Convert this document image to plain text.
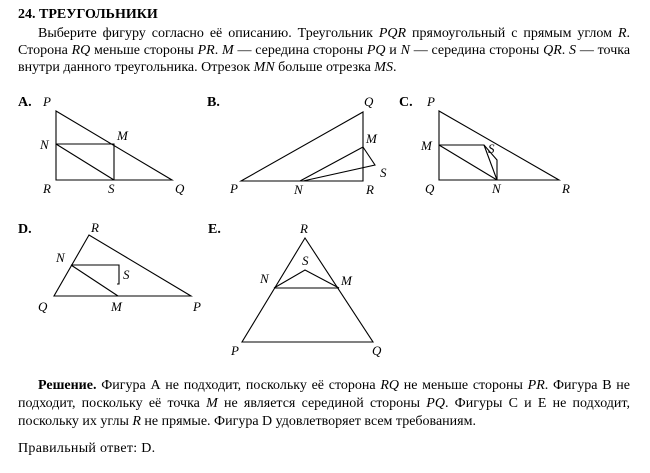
24. ТРЕУГОЛЬНИКИ
Выберите фигуру согласно её описанию. Треугольник PQR прямоугольный с прямым углом R. Сторона RQ меньше стороны PR. M — середина стороны PQ и N — середина стороны QR. S — точка внутри данного треугольника. Отрезок MN больше отрезка MS.
A. P
N
M
R	S	Q
B.	Q
M
S
P	N	R
C. P
M	S
Q	N	R
D.	R
N
S
Q	M	P
E.	R
S
N	M
P	Q
Решение. Фигура А не подходит, поскольку её сторона RQ не меньше стороны PR. Фигура В не подходит, поскольку её точка M не является серединой стороны PQ. Фигуры С и Е не подходит, поскольку их углы R не прямые. Фигура D удовлетворяет всем требованиям.
Правильный ответ: D.
